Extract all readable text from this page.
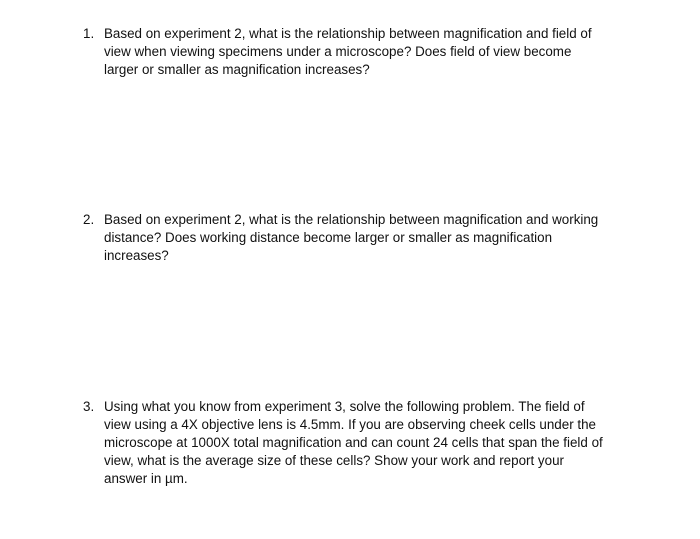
1. Based on experiment 2, what is the relationship between magnification and field of
view when viewing specimens under a microscope? Does field of view become
larger or smaller as magnification increases?
2. Based on experiment 2, what is the relationship between magnification and working
distance? Does working distance become larger or smaller as magnification
increases?
3. Using what you know from experiment 3, solve the following problem. The field of
view using a 4X objective lens is 4.5mm. If you are observing cheek cells under the
microscope at 1000X total magnification and can count 24 cells that span the field of
view, what is the average size of these cells? Show your work and report your
answer in µm.
